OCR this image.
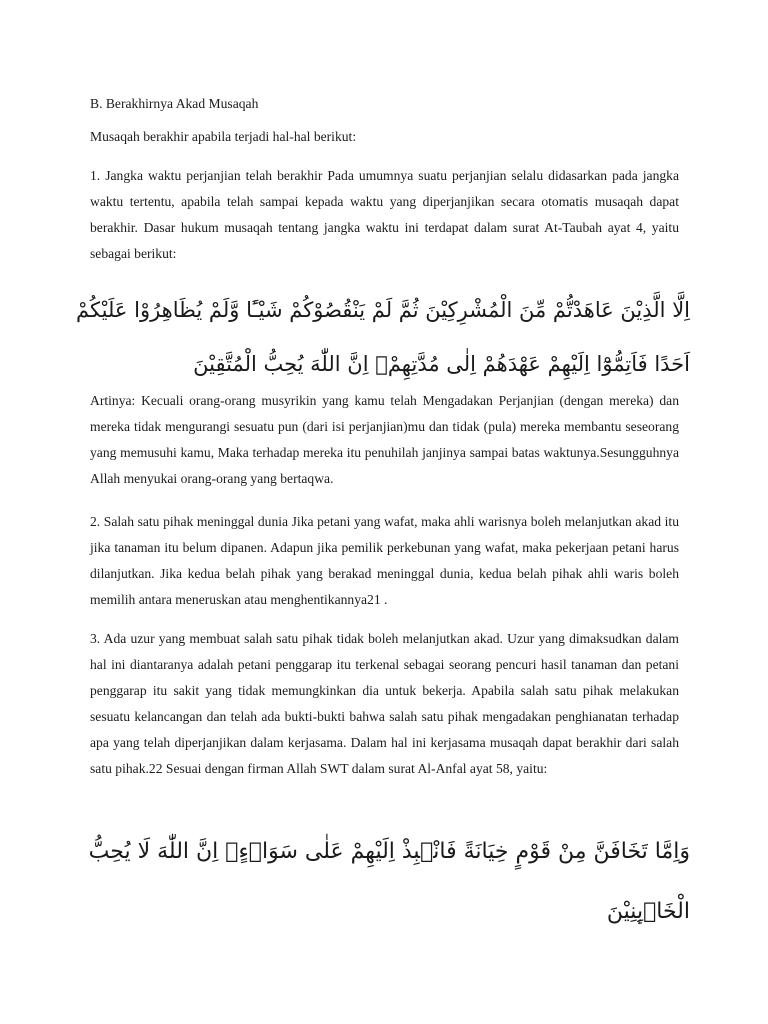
B. Berakhirnya Akad Musaqah

Musaqah berakhir apabila terjadi hal-hal berikut:

1. Jangka waktu perjanjian telah berakhir Pada umumnya suatu perjanjian selalu didasarkan pada jangka waktu tertentu, apabila telah sampai kepada waktu yang diperjanjikan secara otomatis musaqah dapat berakhir. Dasar hukum musaqah tentang jangka waktu ini terdapat dalam surat At-Taubah ayat 4, yaitu sebagai berikut:

اِلَّا الَّذِيْنَ عَاهَدْتُّمْ مِّنَ الْمُشْرِكِيْنَ ثُمَّ لَمْ يَنْقُصُوْكُمْ شَيْـًٔا وَّلَمْ يُظَاهِرُوْا عَلَيْكُمْ
اَحَدًا فَاَتِمُّوْٓا اِلَيْهِمْ عَهْدَهُمْ اِلٰى مُدَّتِهِمْۗ اِنَّ اللّٰهَ يُحِبُّ الْمُتَّقِيْنَ

Artinya: Kecuali orang-orang musyrikin yang kamu telah Mengadakan Perjanjian (dengan mereka) dan mereka tidak mengurangi sesuatu pun (dari isi perjanjian)mu dan tidak (pula) mereka membantu seseorang yang memusuhi kamu, Maka terhadap mereka itu penuhilah janjinya sampai batas waktunya.Sesungguhnya Allah menyukai orang-orang yang bertaqwa.

2. Salah satu pihak meninggal dunia Jika petani yang wafat, maka ahli warisnya boleh melanjutkan akad itu jika tanaman itu belum dipanen. Adapun jika pemilik perkebunan yang wafat, maka pekerjaan petani harus dilanjutkan. Jika kedua belah pihak yang berakad meninggal dunia, kedua belah pihak ahli waris boleh memilih antara meneruskan atau menghentikannya21 .

3. Ada uzur yang membuat salah satu pihak tidak boleh melanjutkan akad. Uzur yang dimaksudkan dalam hal ini diantaranya adalah petani penggarap itu terkenal sebagai seorang pencuri hasil tanaman dan petani penggarap itu sakit yang tidak memungkinkan dia untuk bekerja. Apabila salah satu pihak melakukan sesuatu kelancangan dan telah ada bukti-bukti bahwa salah satu pihak mengadakan penghianatan terhadap apa yang telah diperjanjikan dalam kerjasama. Dalam hal ini kerjasama musaqah dapat berakhir dari salah satu pihak.22 Sesuai dengan firman Allah SWT dalam surat Al-Anfal ayat 58, yaitu:

وَاِمَّا تَخَافَنَّ مِنْ قَوْمٍ خِيَانَةً فَانْۢبِذْ اِلَيْهِمْ عَلٰى سَوَاۤءٍۗ اِنَّ اللّٰهَ لَا يُحِبُّ
الْخَاۤىِٕنِيْنَ
